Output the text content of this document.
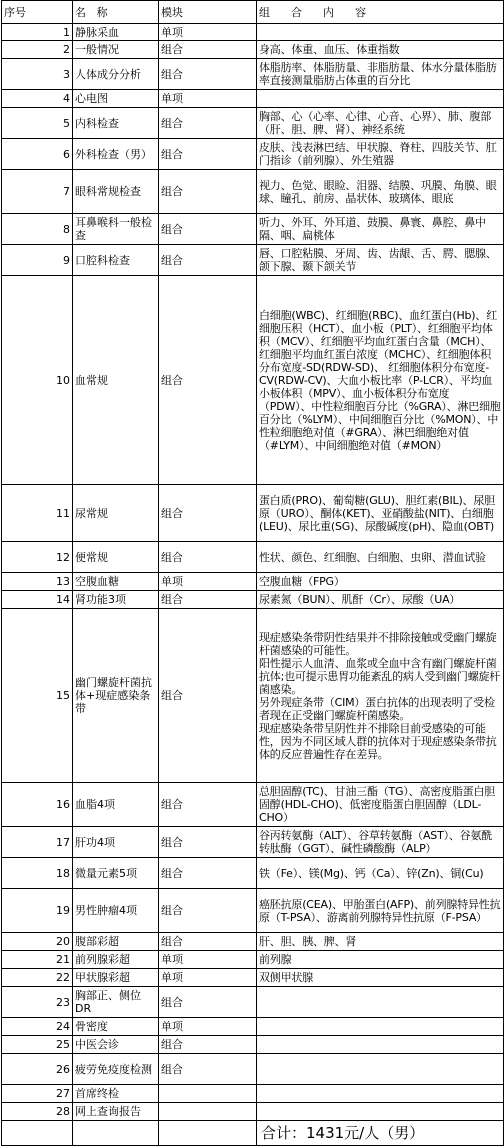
序号	名   称	模块	组      合      内      容
1	静脉采血	单项	
2	一般情况	组合	身高、体重、血压、体重指数
3	人体成分分析	组合	体脂肪率、体脂肪量、非脂肪量、体水分量体脂肪率直接测量脂肪占体重的百分比
4	心电图	单项	
5	内科检查	组合	胸部、心（心率、心律、心音、心界）、肺、腹部（肝、胆、脾、肾）、神经系统
6	外科检查（男）	组合	皮肤、浅表淋巴结、甲状腺、脊柱、四肢关节、肛门指诊（前列腺）、外生殖器
7	眼科常规检查	组合	视力、色觉、眼睑、泪器、结膜、巩膜、角膜、眼球、瞳孔、前房、晶状体、玻璃体、眼底
8	耳鼻喉科一般检查	组合	听力、外耳、外耳道、鼓膜、鼻寰、鼻腔、鼻中隔、咽、扁桃体
9	口腔科检查	组合	唇、口腔粘膜、牙周、齿、齿龈、舌、腭、腮腺、颌下腺、颞下颌关节
10	血常规	组合	白细胞(WBC)、红细胞(RBC)、血红蛋白(Hb)、红细胞压积（HCT）、血小板（PLT）、红细胞平均体积（MCV）、红细胞平均血红蛋白含量（MCH）、红细胞平均血红蛋白浓度（MCHC）、红细胞体积分布宽度-SD(RDW-SD)、 红细胞体积分布宽度-CV(RDW-CV)、大血小板比率（P-LCR）、平均血小板体积（MPV）、血小板体积分布宽度（PDW）、中性粒细胞百分比（%GRA）、淋巴细胞百分比（%LYM）、中间细胞百分比（%MON）、中性粒细胞绝对值（#GRA）、淋巴细胞绝对值（#LYM）、中间细胞绝对值（#MON）
11	尿常规	组合	蛋白质(PRO)、葡萄糖(GLU)、胆红素(BIL)、尿胆原（URO）、酮体(KET)、亚硝酸盐(NIT)、白细胞(LEU)、尿比重(SG)、尿酸碱度(pH)、隐血(OBT)
12	便常规	组合	性状、颜色、红细胞、白细胞、虫卵、潜血试验
13	空腹血糖	单项	空腹血糖（FPG）
14	肾功能3项	组合	尿素氮（BUN）、肌酐（Cr）、尿酸（UA）
15	幽门螺旋杆菌抗体+现症感染条带	组合	现症感染条带阴性结果并不排除接触或受幽门螺旋杆菌感染的可能性。
阳性提示人血清、血浆或全血中含有幽门螺旋杆菌抗体;也可提示患胃功能紊乱的病人受到幽门螺旋杆菌感染。
另外现症条带（CIM）蛋白抗体的出现表明了受检者现在正受幽门螺旋杆菌感染。
现症感染条带呈阴性并不排除目前受感染的可能性，因为不同区域人群的抗体对于现症感染条带抗体的反应普遍性存在差异。
16	血脂4项	组合	总胆固醇(TC)、甘油三酯（TG）、高密度脂蛋白胆固醇(HDL-CHO)、低密度脂蛋白胆固醇（LDL-CHO）
17	肝功4项	组合	谷丙转氨酶（ALT）、谷草转氨酶（AST）、谷氨酰转肽酶（GGT）、碱性磷酸酶（ALP）
18	微量元素5项	组合	铁（Fe）、镁(Mg)、钙（Ca）、锌(Zn)、铜(Cu)
19	男性肿瘤4项	组合	癌胚抗原(CEA)、甲胎蛋白(AFP)、前列腺特异性抗原（T-PSA）、游离前列腺特异性抗原（F-PSA）
20	腹部彩超	组合	肝、胆、胰、脾、肾
21	前列腺彩超	单项	前列腺
22	甲状腺彩超	单项	双侧甲状腺
23	胸部正、侧位DR	组合	
24	骨密度	单项	
25	中医会诊	组合	
26	疲劳免疫度检测	组合	
27	首席终检		
28	网上查询报告		
			合计：1431元/人（男）
